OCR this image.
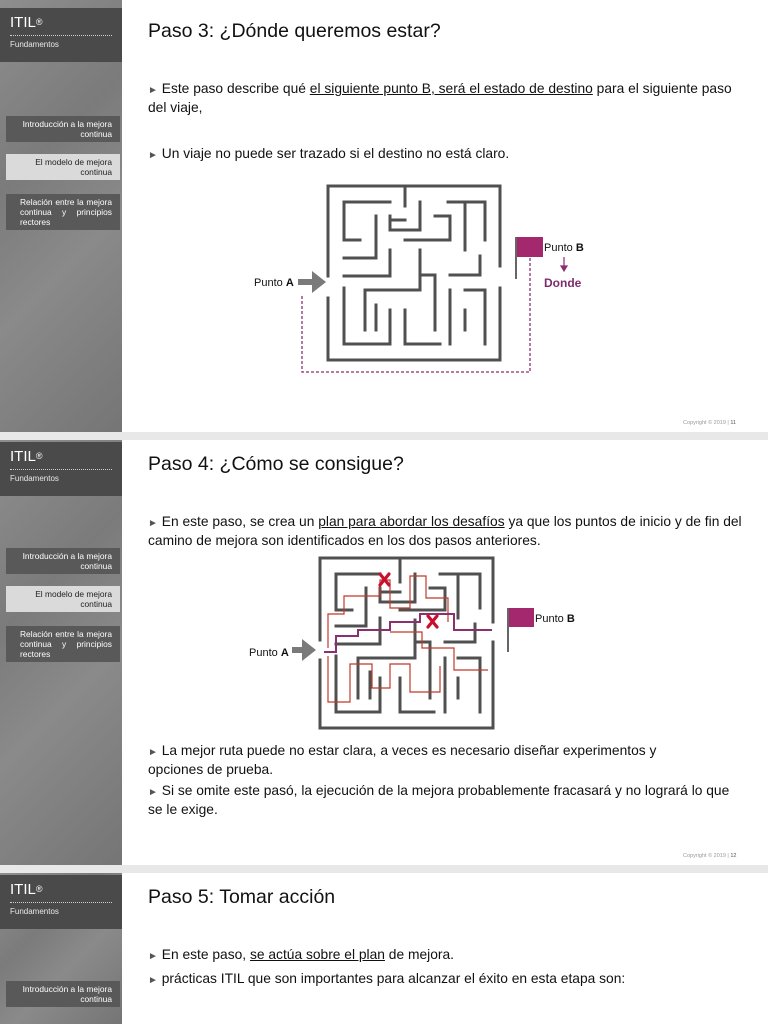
ITIL®
Fundamentos
Introducción a la mejora continua
El modelo de mejora continua
Relación entre la mejora continua y principios rectores
Paso 3: ¿Dónde queremos estar?
► Este paso describe qué el siguiente punto B, será el estado de destino para el siguiente paso del viaje,
► Un viaje no puede ser trazado si el destino no está claro.
Punto A
Punto B
Donde
Copyright © 2019 | 11
ITIL®
Fundamentos
Introducción a la mejora continua
El modelo de mejora continua
Relación entre la mejora continua y principios rectores
Paso 4: ¿Cómo se consigue?
► En este paso, se crea un plan para abordar los desafíos ya que los puntos de inicio y de fin del camino de mejora son identificados en los dos pasos anteriores.
Punto A
Punto B
► La mejor ruta puede no estar clara, a veces es necesario diseñar experimentos y opciones de prueba.
► Si se omite este pasó, la ejecución de la mejora probablemente fracasará y no logrará lo que se le exige.
Copyright © 2019 | 12
ITIL®
Fundamentos
Introducción a la mejora continua
Paso 5: Tomar acción
► En este paso, se actúa sobre el plan de mejora.
► prácticas ITIL que son importantes para alcanzar el éxito en esta etapa son:
